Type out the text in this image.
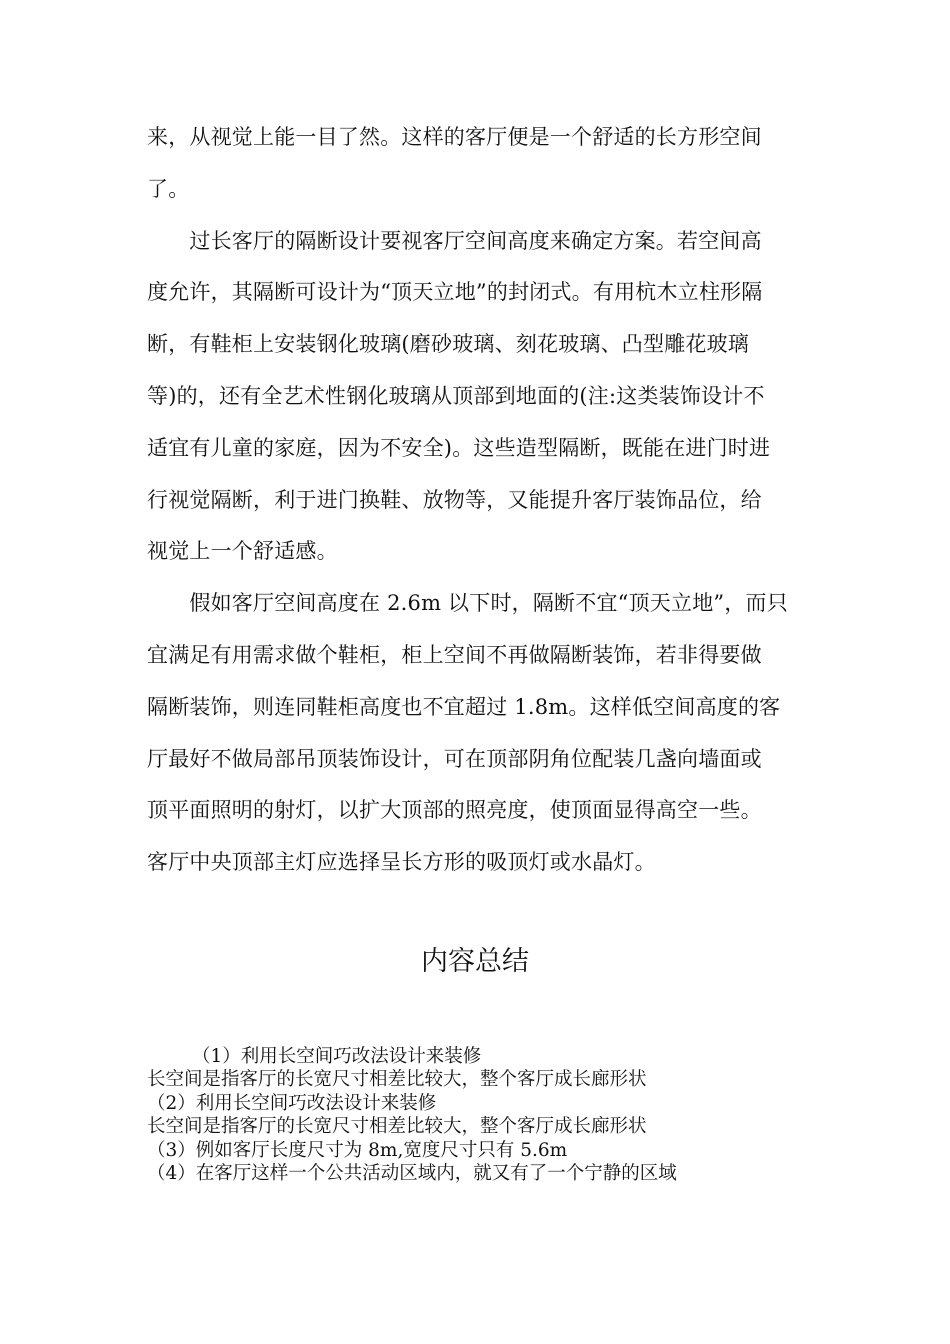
来，从视觉上能一目了然。这样的客厅便是一个舒适的长方形空间
了。

　　过长客厅的隔断设计要视客厅空间高度来确定方案。若空间高
度允许，其隔断可设计为“顶天立地”的封闭式。有用杭木立柱形隔
断，有鞋柜上安装钢化玻璃(磨砂玻璃、刻花玻璃、凸型雕花玻璃
等)的，还有全艺术性钢化玻璃从顶部到地面的(注:这类装饰设计不
适宜有儿童的家庭，因为不安全)。这些造型隔断，既能在进门时进
行视觉隔断，利于进门换鞋、放物等，又能提升客厅装饰品位，给
视觉上一个舒适感。

　　假如客厅空间高度在 2.6m 以下时，隔断不宜“顶天立地”，而只
宜满足有用需求做个鞋柜，柜上空间不再做隔断装饰，若非得要做
隔断装饰，则连同鞋柜高度也不宜超过 1.8m。这样低空间高度的客
厅最好不做局部吊顶装饰设计，可在顶部阴角位配装几盏向墙面或
顶平面照明的射灯，以扩大顶部的照亮度，使顶面显得高空一些。
客厅中央顶部主灯应选择呈长方形的吸顶灯或水晶灯。

内容总结
（1）利用长空间巧改法设计来装修
长空间是指客厅的长宽尺寸相差比较大，整个客厅成长廊形状
（2）利用长空间巧改法设计来装修
长空间是指客厅的长宽尺寸相差比较大，整个客厅成长廊形状
（3）例如客厅长度尺寸为 8m,宽度尺寸只有 5.6m
（4）在客厅这样一个公共活动区域内，就又有了一个宁静的区域
